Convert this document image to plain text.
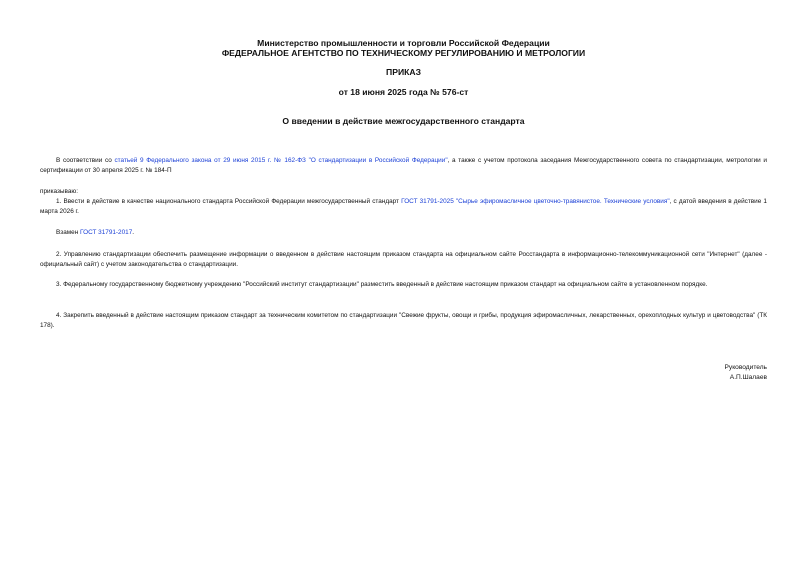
Министерство промышленности и торговли Российской Федерации
ФЕДЕРАЛЬНОЕ АГЕНТСТВО ПО ТЕХНИЧЕСКОМУ РЕГУЛИРОВАНИЮ И МЕТРОЛОГИИ
ПРИКАЗ
от 18 июня 2025 года № 576-ст
О введении в действие межгосударственного стандарта
В соответствии со статьей 9 Федерального закона от 29 июня 2015 г. № 162-ФЗ "О стандартизации в Российской Федерации", а также с учетом протокола заседания Межгосударственного совета по стандартизации, метрологии и сертификации от 30 апреля 2025 г. № 184-П
приказываю:
1. Ввести в действие в качестве национального стандарта Российской Федерации межгосударственный стандарт ГОСТ 31791-2025 "Сырье эфиромасличное цветочно-травянистое. Технические условия", с датой введения в действие 1 марта 2026 г.
Взамен ГОСТ 31791-2017.
2. Управлению стандартизации обеспечить размещение информации о введенном в действие настоящим приказом стандарта на официальном сайте Росстандарта в информационно-телекоммуникационной сети "Интернет" (далее - официальный сайт) с учетом законодательства о стандартизации.
3. Федеральному государственному бюджетному учреждению "Российский институт стандартизации" разместить введенный в действие настоящим приказом стандарт на официальном сайте в установленном порядке.
4. Закрепить введенный в действие настоящим приказом стандарт за техническим комитетом по стандартизации "Свежие фрукты, овощи и грибы, продукция эфиромасличных, лекарственных, орехоплодных культур и цветоводства" (ТК 178).
Руководитель
А.П.Шалаев
